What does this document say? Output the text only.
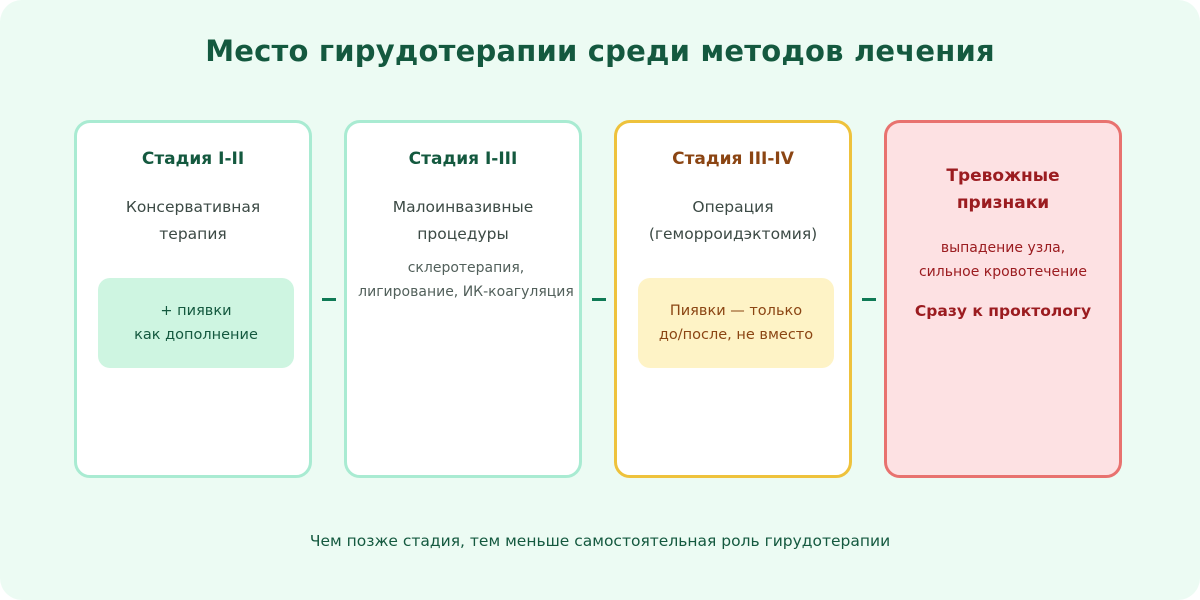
Место гирудотерапии среди методов лечения
Стадия I-II
Консервативная
терапия
+ пиявки
как дополнение
Стадия I-III
Малоинвазивные
процедуры
склеротерапия,
лигирование, ИК-коагуляция
Стадия III-IV
Операция
(геморроидэктомия)
Пиявки — только
до/после, не вместо
Тревожные
признаки
выпадение узла,
сильное кровотечение
Сразу к проктологу
Чем позже стадия, тем меньше самостоятельная роль гирудотерапии
